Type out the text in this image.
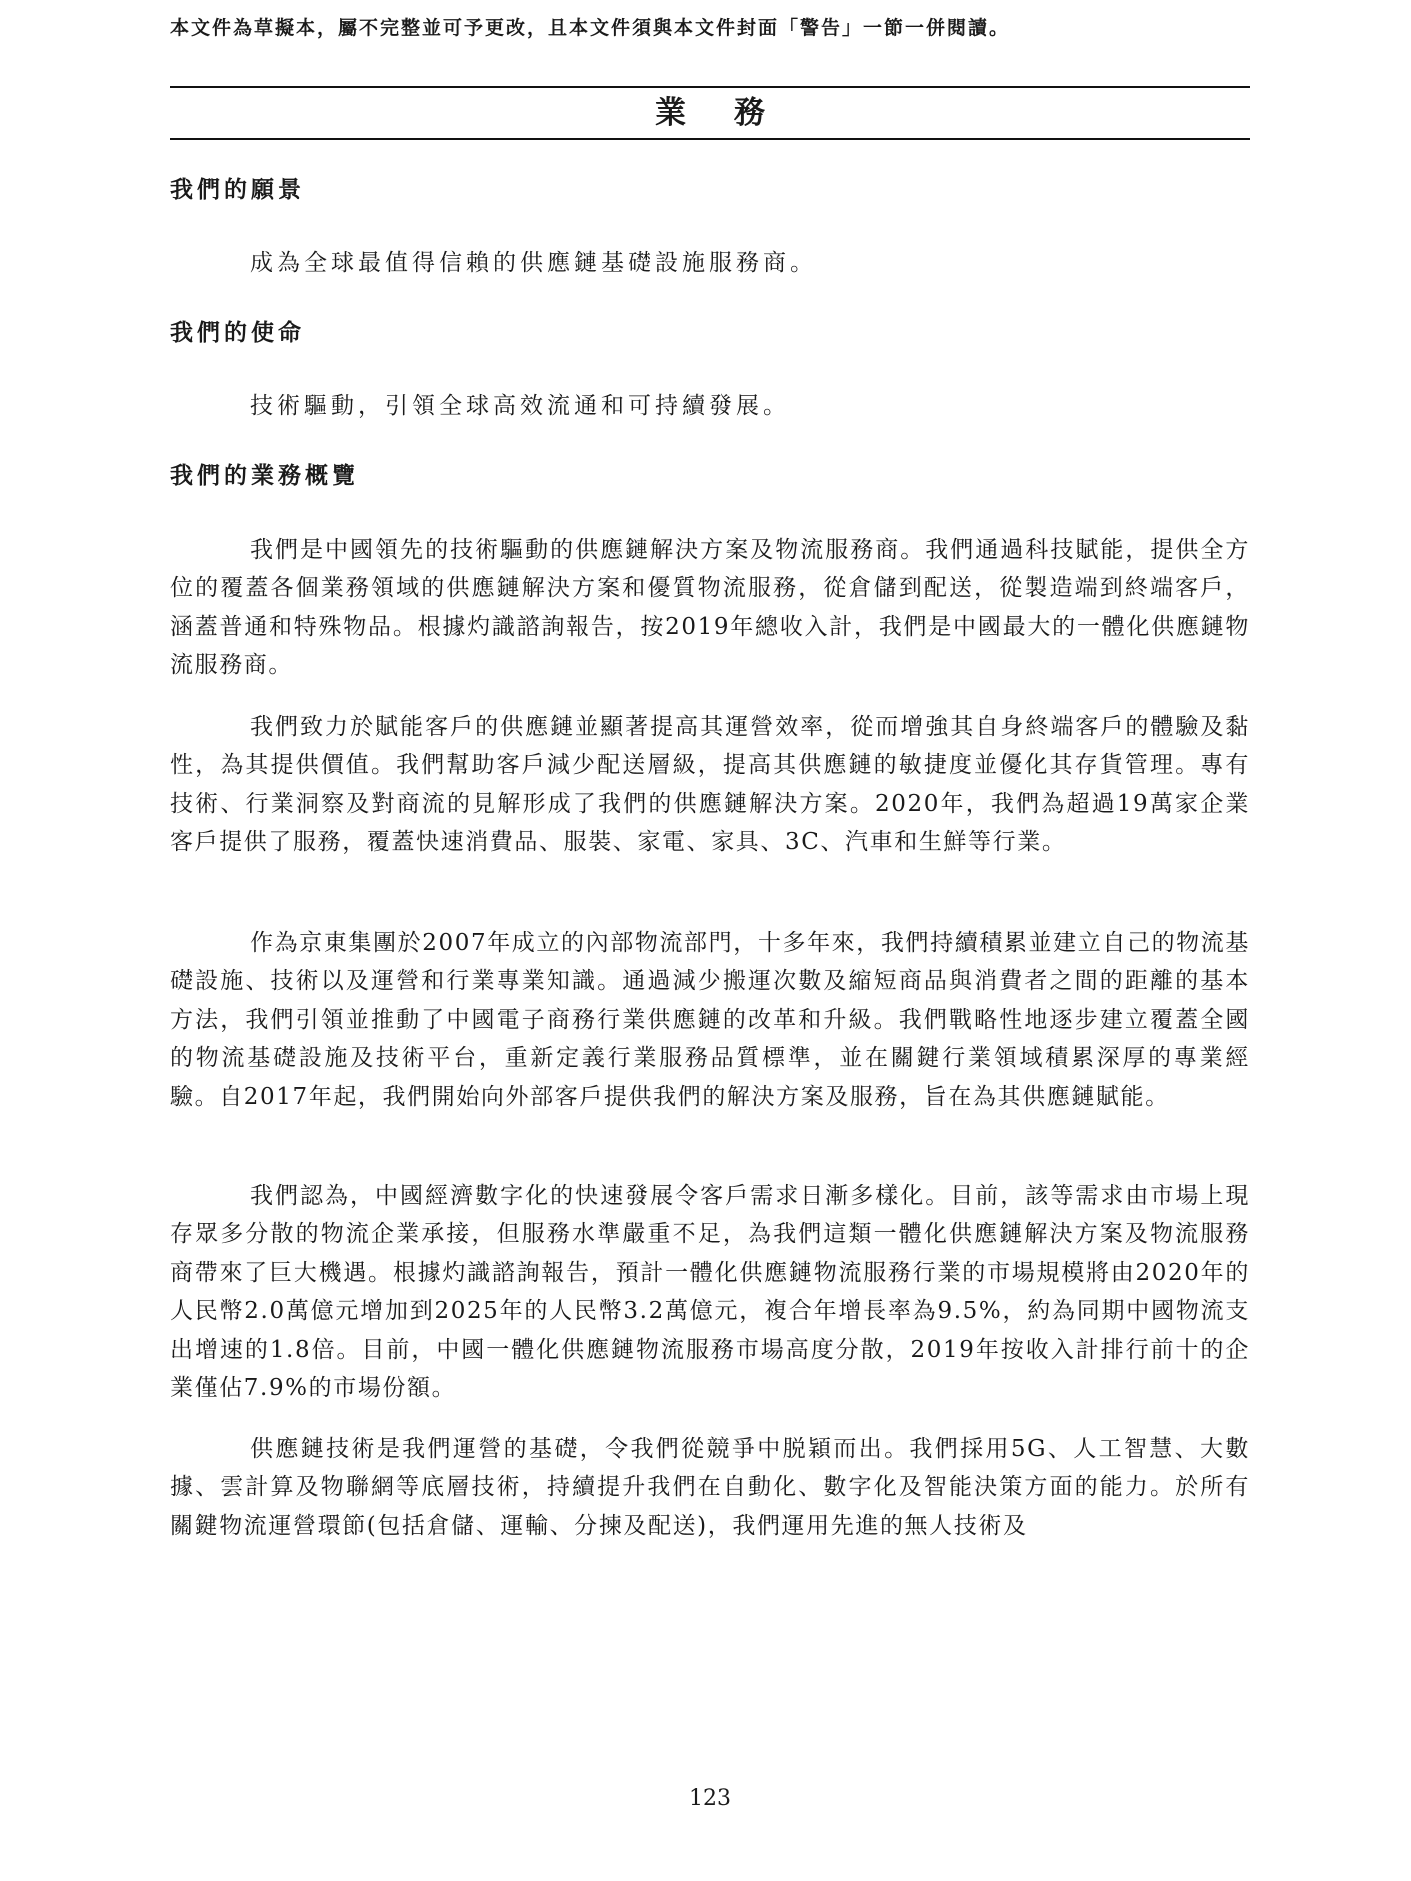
本文件為草擬本，屬不完整並可予更改，且本文件須與本文件封面「警告」一節一併閱讀。
業務
我們的願景
成為全球最值得信賴的供應鏈基礎設施服務商。
我們的使命
技術驅動，引領全球高效流通和可持續發展。
我們的業務概覽
我們是中國領先的技術驅動的供應鏈解決方案及物流服務商。我們通過科技賦能，提供全方位的覆蓋各個業務領域的供應鏈解決方案和優質物流服務，從倉儲到配送，從製造端到終端客戶，涵蓋普通和特殊物品。根據灼識諮詢報告，按2019年總收入計，我們是中國最大的一體化供應鏈物流服務商。
我們致力於賦能客戶的供應鏈並顯著提高其運營效率，從而增強其自身終端客戶的體驗及黏性，為其提供價值。我們幫助客戶減少配送層級，提高其供應鏈的敏捷度並優化其存貨管理。專有技術、行業洞察及對商流的見解形成了我們的供應鏈解決方案。2020年，我們為超過19萬家企業客戶提供了服務，覆蓋快速消費品、服裝、家電、家具、3C、汽車和生鮮等行業。
作為京東集團於2007年成立的內部物流部門，十多年來，我們持續積累並建立自己的物流基礎設施、技術以及運營和行業專業知識。通過減少搬運次數及縮短商品與消費者之間的距離的基本方法，我們引領並推動了中國電子商務行業供應鏈的改革和升級。我們戰略性地逐步建立覆蓋全國的物流基礎設施及技術平台，重新定義行業服務品質標準，並在關鍵行業領域積累深厚的專業經驗。自2017年起，我們開始向外部客戶提供我們的解決方案及服務，旨在為其供應鏈賦能。
我們認為，中國經濟數字化的快速發展令客戶需求日漸多樣化。目前，該等需求由市場上現存眾多分散的物流企業承接，但服務水準嚴重不足，為我們這類一體化供應鏈解決方案及物流服務商帶來了巨大機遇。根據灼識諮詢報告，預計一體化供應鏈物流服務行業的市場規模將由2020年的人民幣2.0萬億元增加到2025年的人民幣3.2萬億元，複合年增長率為9.5%，約為同期中國物流支出增速的1.8倍。目前，中國一體化供應鏈物流服務市場高度分散，2019年按收入計排行前十的企業僅佔7.9%的市場份額。
供應鏈技術是我們運營的基礎，令我們從競爭中脱穎而出。我們採用5G、人工智慧、大數據、雲計算及物聯網等底層技術，持續提升我們在自動化、數字化及智能決策方面的能力。於所有關鍵物流運營環節(包括倉儲、運輸、分揀及配送)，我們運用先進的無人技術及
123
